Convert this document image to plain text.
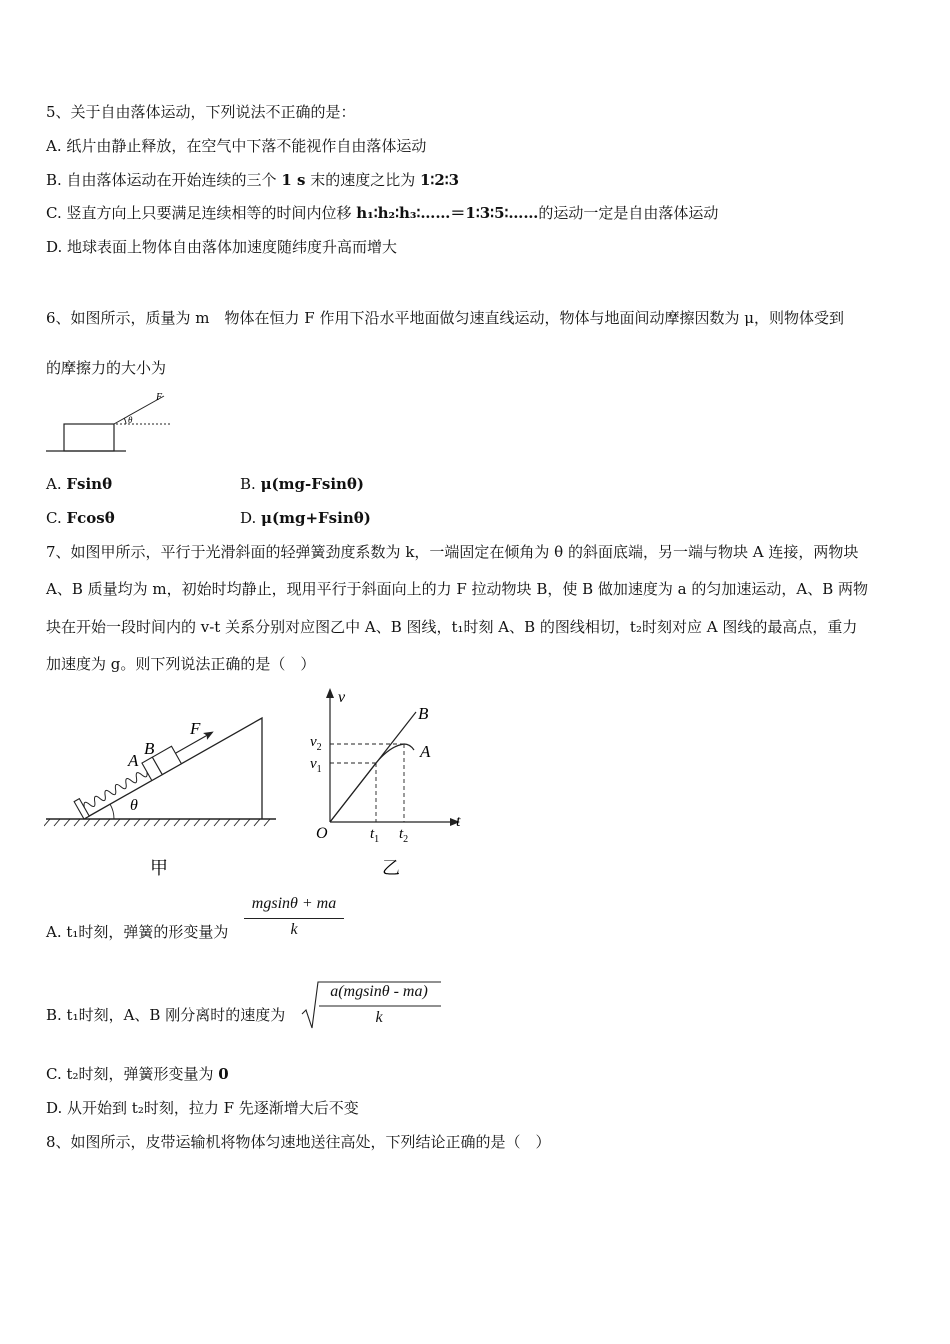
5、关于自由落体运动，下列说法不正确的是：
A. 纸片由静止释放，在空气中下落不能视作自由落体运动
B. 自由落体运动在开始连续的三个 1 s 末的速度之比为 1∶2∶3
C. 竖直方向上只要满足连续相等的时间内位移 h₁∶h₂∶h₃∶……＝1∶3∶5∶……的运动一定是自由落体运动
D. 地球表面上物体自由落体加速度随纬度升高而增大
6、如图所示，质量为 m　物体在恒力 F 作用下沿水平地面做匀速直线运动，物体与地面间动摩擦因数为 μ，则物体受到
的摩擦力的大小为
F
θ
A. Fsinθ	B. μ(mg-Fsinθ)
C. Fcosθ	D. μ(mg+Fsinθ)
7、如图甲所示，平行于光滑斜面的轻弹簧劲度系数为 k，一端固定在倾角为 θ 的斜面底端，另一端与物块 A 连接，两物块
A、B 质量均为 m，初始时均静止，现用平行于斜面向上的力 F 拉动物块 B，使 B 做加速度为 a 的匀加速运动，A、B 两物
块在开始一段时间内的 v-t 关系分别对应图乙中 A、B 图线，t₁时刻 A、B 的图线相切，t₂时刻对应 A 图线的最高点，重力
加速度为 g。则下列说法正确的是（　）
F
A
B
θ
甲
v
t
O
$v_2$
$v_1$
$t_1$ $t_2$
B
A
乙
A. t₁时刻，弹簧的形变量为
mgsinθ + ma
k
B. t₁时刻，A、B 刚分离时的速度为
a(mgsinθ - ma)
k
C. t₂时刻，弹簧形变量为 0
D. 从开始到 t₂时刻，拉力 F 先逐渐增大后不变
8、如图所示，皮带运输机将物体匀速地送往高处，下列结论正确的是（　）
